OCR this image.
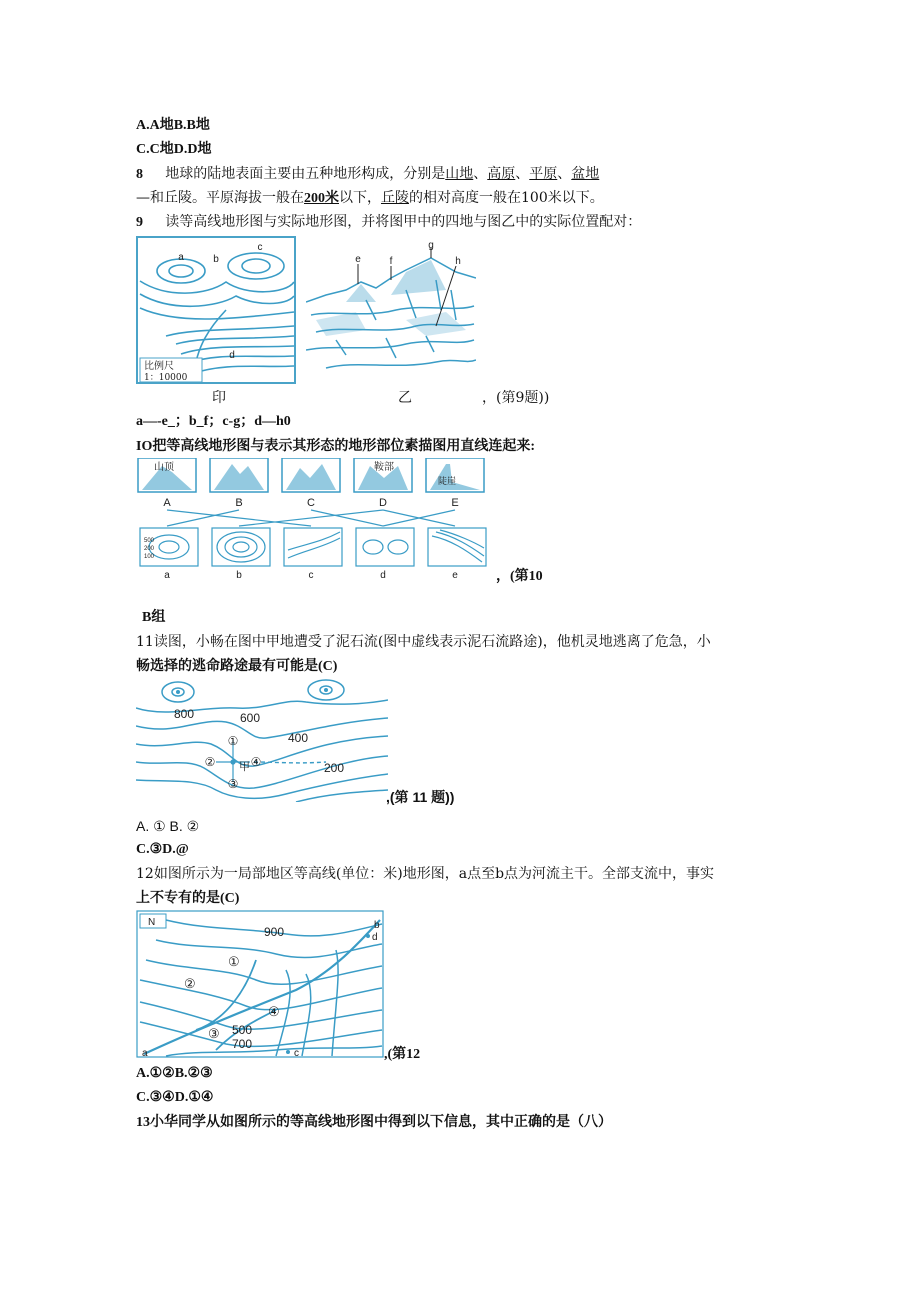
A.A地B.B地
C.C地D.D地
8 地球的陆地表面主要由五种地形构成，分别是山地、高原、平原、盆地
—和丘陵。平原海拔一般在200米以下，丘陵的相对高度一般在100米以下。
9 读等高线地形图与实际地形图，并将图甲中的四地与图乙中的实际位置配对：
a	b
c
d
比例尺
1：10000
e	f
g
h
印	乙	，(第9题))
a—-e_；b_f；c-g；d—h0
IO把等高线地形图与表示其形态的地形部位素描图用直线连起来:
山顶	鞍部
陡崖
A	B	C	D	E
500
200
100
a	b	c	d	e	，(第10
B组
11读图，小畅在图中甲地遭受了泥石流(图中虚线表示泥石流路途)，他机灵地逃离了危急，小
畅选择的逃命路途最有可能是(C)
800	600
400
200
①
②
③
④
甲
,(第 11 题))
A. ① B. ②
C.③D.@
12如图所示为一局部地区等高线(单位：米)地形图，a点至b点为河流主干。全部支流中，事实
上不专有的是(C)
N
900
500
700
①
②
③
④
a
b
c
d
,(第12
A.①②B.②③
C.③④D.①④
13小华同学从如图所示的等高线地形图中得到以下信息，其中正确的是（八）
